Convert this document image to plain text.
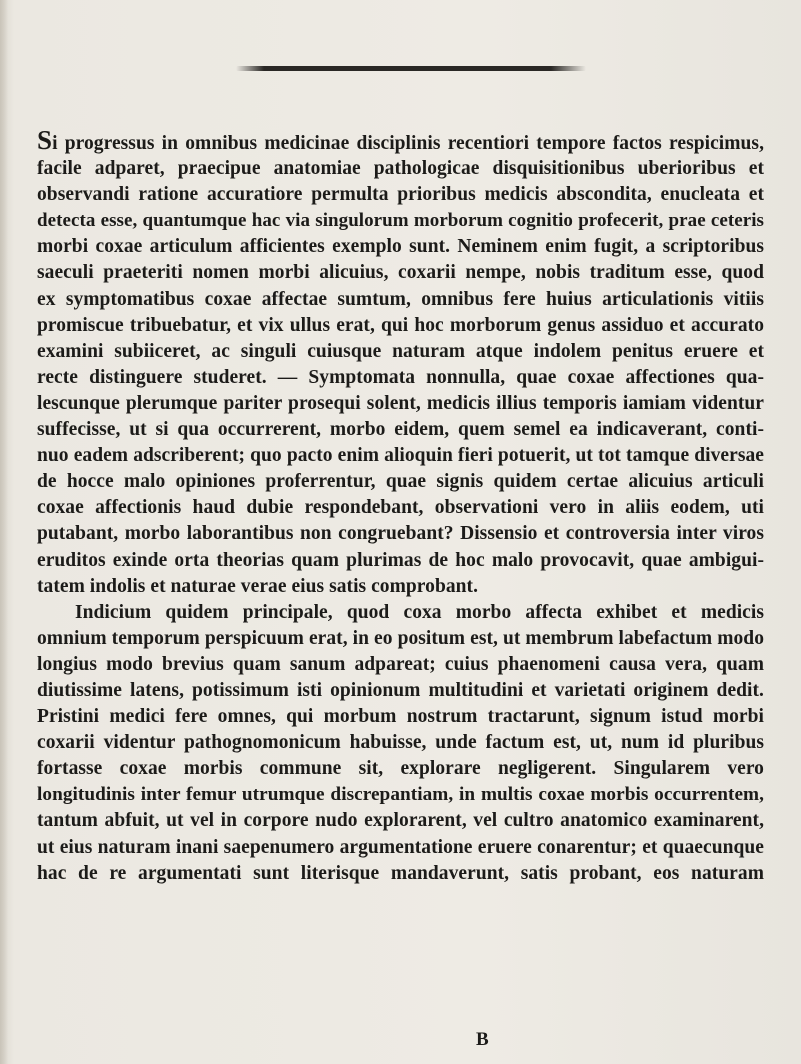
Si progressus in omnibus medicinae disciplinis recentiori tempore factos respicimus,
facile adparet, praecipue anatomiae pathologicae disquisitionibus uberioribus et
observandi ratione accuratiore permulta prioribus medicis abscondita, enucleata et
detecta esse, quantumque hac via singulorum morborum cognitio profecerit, prae ceteris
morbi coxae articulum afficientes exemplo sunt. Neminem enim fugit, a scriptoribus
saeculi praeteriti nomen morbi alicuius, coxarii nempe, nobis traditum esse, quod
ex symptomatibus coxae affectae sumtum, omnibus fere huius articulationis vitiis
promiscue tribuebatur, et vix ullus erat, qui hoc morborum genus assiduo et accurato
examini subiiceret, ac singuli cuiusque naturam atque indolem penitus eruere et
recte distinguere studeret. — Symptomata nonnulla, quae coxae affectiones qua-
lescunque plerumque pariter prosequi solent, medicis illius temporis iamiam videntur
suffecisse, ut si qua occurrerent, morbo eidem, quem semel ea indicaverant, conti-
nuo eadem adscriberent; quo pacto enim alioquin fieri potuerit, ut tot tamque diversae
de hocce malo opiniones proferrentur, quae signis quidem certae alicuius articuli
coxae affectionis haud dubie respondebant, observationi vero in aliis eodem, uti
putabant, morbo laborantibus non congruebant? Dissensio et controversia inter viros
eruditos exinde orta theorias quam plurimas de hoc malo provocavit, quae ambigui-
tatem indolis et naturae verae eius satis comprobant.
Indicium quidem principale, quod coxa morbo affecta exhibet et medicis
omnium temporum perspicuum erat, in eo positum est, ut membrum labefactum modo
longius modo brevius quam sanum adpareat; cuius phaenomeni causa vera, quam
diutissime latens, potissimum isti opinionum multitudini et varietati originem dedit.
Pristini medici fere omnes, qui morbum nostrum tractarunt, signum istud morbi
coxarii videntur pathognomonicum habuisse, unde factum est, ut, num id pluribus
fortasse coxae morbis commune sit, explorare negligerent. Singularem vero
longitudinis inter femur utrumque discrepantiam, in multis coxae morbis occurrentem,
tantum abfuit, ut vel in corpore nudo explorarent, vel cultro anatomico examinarent,
ut eius naturam inani saepenumero argumentatione eruere conarentur; et quaecunque
hac de re argumentati sunt literisque mandaverunt, satis probant, eos naturam
B
